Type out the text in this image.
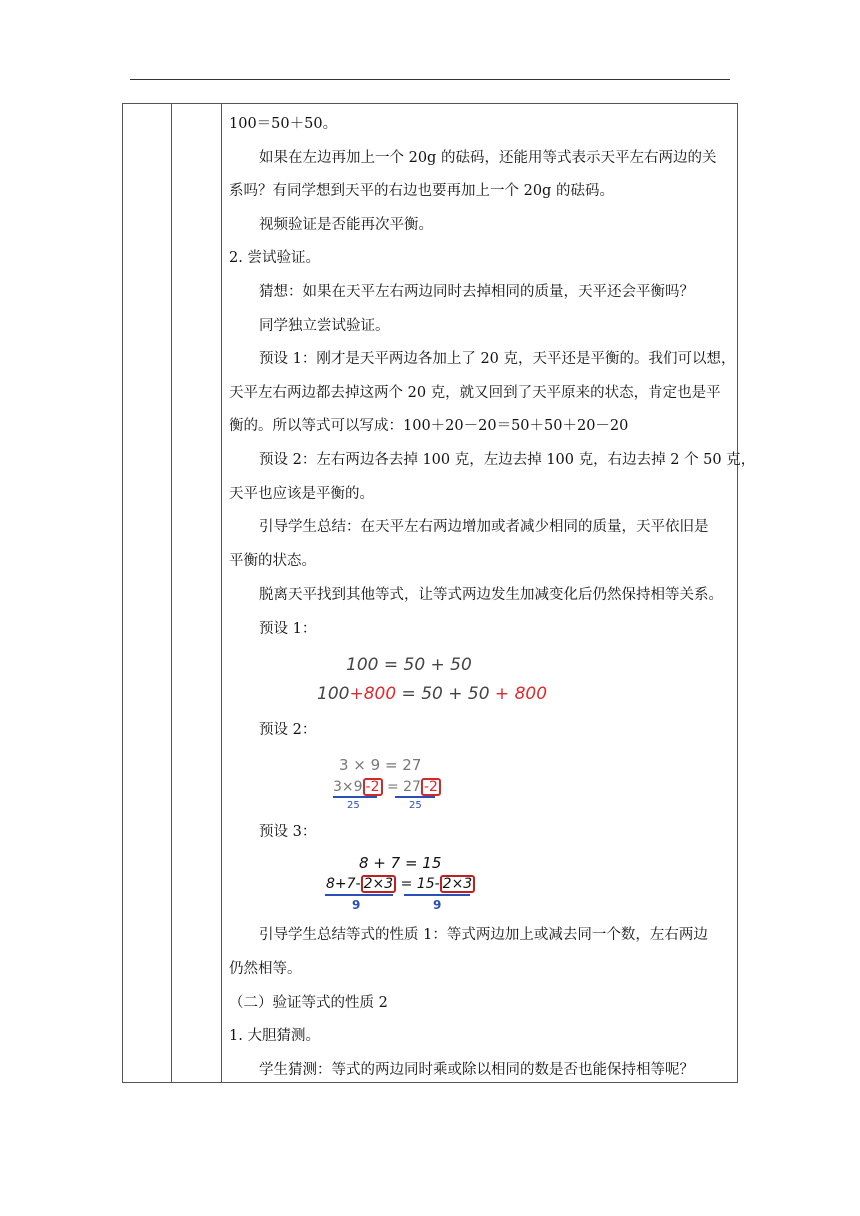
100＝50＋50。
如果在左边再加上一个 20g 的砝码，还能用等式表示天平左右两边的关
系吗？有同学想到天平的右边也要再加上一个 20g 的砝码。
视频验证是否能再次平衡。
2. 尝试验证。
猜想：如果在天平左右两边同时去掉相同的质量，天平还会平衡吗？
同学独立尝试验证。
预设 1：刚才是天平两边各加上了 20 克，天平还是平衡的。我们可以想，
天平左右两边都去掉这两个 20 克，就又回到了天平原来的状态，肯定也是平
衡的。所以等式可以写成：100＋20－20＝50＋50＋20－20
预设 2：左右两边各去掉 100 克，左边去掉 100 克，右边去掉 2 个 50 克，
天平也应该是平衡的。
引导学生总结：在天平左右两边增加或者减少相同的质量，天平依旧是
平衡的状态。
脱离天平找到其他等式，让等式两边发生加减变化后仍然保持相等关系。
预设 1：
100 = 50 + 50
100+800 = 50 + 50 + 800
预设 2：
3 × 9 = 27
3×9 -2 = 27 -2
25	25
预设 3：
8 + 7 = 15
8+7- 2×3 = 15- 2×3
9	9
引导学生总结等式的性质 1：等式两边加上或减去同一个数，左右两边
仍然相等。
（二）验证等式的性质 2
1. 大胆猜测。
学生猜测：等式的两边同时乘或除以相同的数是否也能保持相等呢？
